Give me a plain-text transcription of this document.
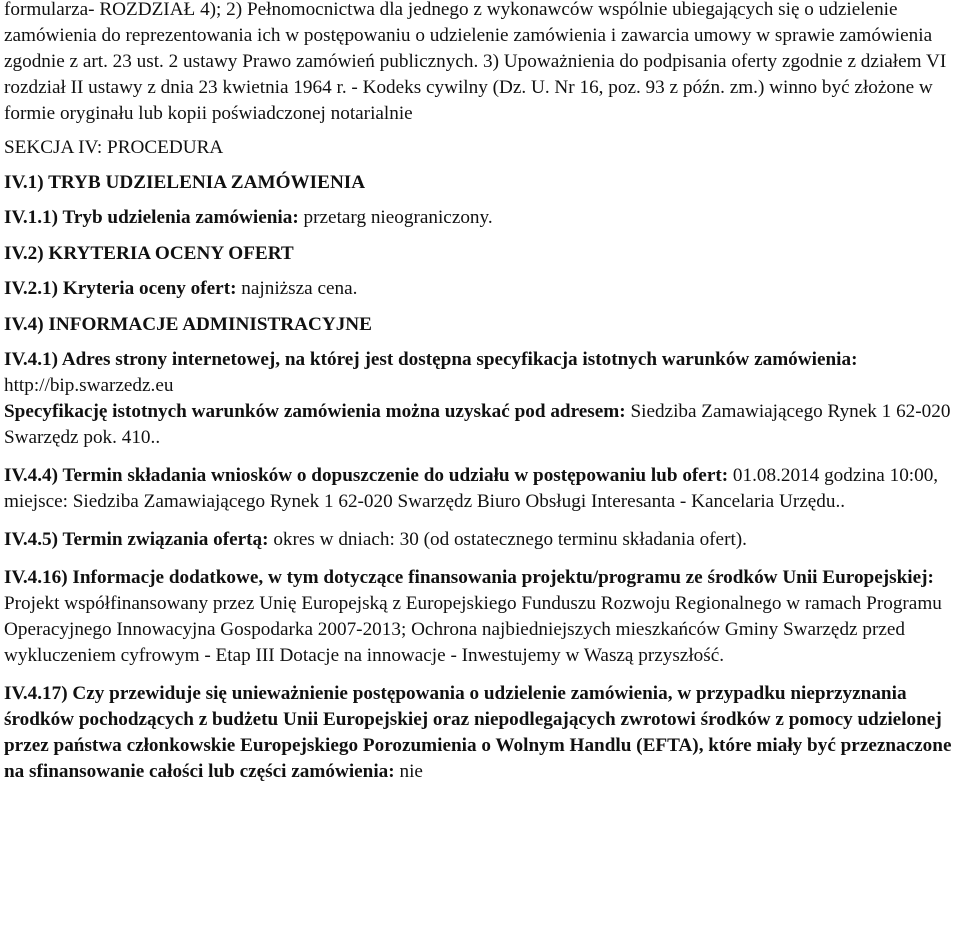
formularza- ROZDZIAŁ 4); 2) Pełnomocnictwa dla jednego z wykonawców wspólnie ubiegających się o udzielenie zamówienia do reprezentowania ich w postępowaniu o udzielenie zamówienia i zawarcia umowy w sprawie zamówienia zgodnie z art. 23 ust. 2 ustawy Prawo zamówień publicznych. 3) Upoważnienia do podpisania oferty zgodnie z działem VI rozdział II ustawy z dnia 23 kwietnia 1964 r. - Kodeks cywilny (Dz. U. Nr 16, poz. 93 z późn. zm.) winno być złożone w formie oryginału lub kopii poświadczonej notarialnie

SEKCJA IV: PROCEDURA

IV.1) TRYB UDZIELENIA ZAMÓWIENIA

IV.1.1) Tryb udzielenia zamówienia: przetarg nieograniczony.

IV.2) KRYTERIA OCENY OFERT

IV.2.1) Kryteria oceny ofert: najniższa cena.

IV.4) INFORMACJE ADMINISTRACYJNE

IV.4.1) Adres strony internetowej, na której jest dostępna specyfikacja istotnych warunków zamówienia: http://bip.swarzedz.eu

Specyfikację istotnych warunków zamówienia można uzyskać pod adresem: Siedziba Zamawiającego Rynek 1 62-020 Swarzędz pok. 410..

IV.4.4) Termin składania wniosków o dopuszczenie do udziału w postępowaniu lub ofert: 01.08.2014 godzina 10:00, miejsce: Siedziba Zamawiającego Rynek 1 62-020 Swarzędz Biuro Obsługi Interesanta - Kancelaria Urzędu..

IV.4.5) Termin związania ofertą: okres w dniach: 30 (od ostatecznego terminu składania ofert).

IV.4.16) Informacje dodatkowe, w tym dotyczące finansowania projektu/programu ze środków Unii Europejskiej: Projekt współfinansowany przez Unię Europejską z Europejskiego Funduszu Rozwoju Regionalnego w ramach Programu Operacyjnego Innowacyjna Gospodarka 2007-2013; Ochrona najbiedniejszych mieszkańców Gminy Swarzędz przed wykluczeniem cyfrowym - Etap III Dotacje na innowacje - Inwestujemy w Waszą przyszłość.

IV.4.17) Czy przewiduje się unieważnienie postępowania o udzielenie zamówienia, w przypadku nieprzyznania środków pochodzących z budżetu Unii Europejskiej oraz niepodlegających zwrotowi środków z pomocy udzielonej przez państwa członkowskie Europejskiego Porozumienia o Wolnym Handlu (EFTA), które miały być przeznaczone na sfinansowanie całości lub części zamówienia: nie
